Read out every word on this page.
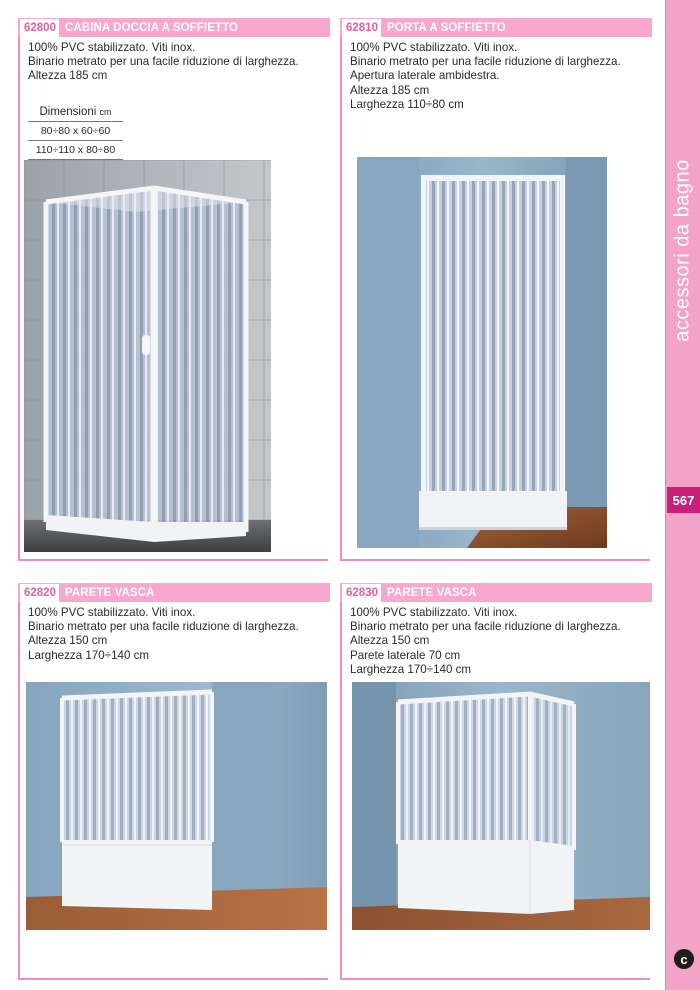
accessori da bagno
567
c
62800 CABINA DOCCIA A SOFFIETTO
100% PVC stabilizzato. Viti inox.
Binario metrato per una facile riduzione di larghezza.
Altezza 185 cm
Dimensioni cm
80÷80 x 60÷60
110÷110 x 80÷80
62810 PORTA A SOFFIETTO
100% PVC stabilizzato. Viti inox.
Binario metrato per una facile riduzione di larghezza.
Apertura laterale ambidestra.
Altezza 185 cm
Larghezza 110÷80 cm
62820 PARETE VASCA
100% PVC stabilizzato. Viti inox.
Binario metrato per una facile riduzione di larghezza.
Altezza 150 cm
Larghezza 170÷140 cm
62830 PARETE VASCA
100% PVC stabilizzato. Viti inox.
Binario metrato per una facile riduzione di larghezza.
Altezza 150 cm
Parete laterale 70 cm
Larghezza 170÷140 cm
